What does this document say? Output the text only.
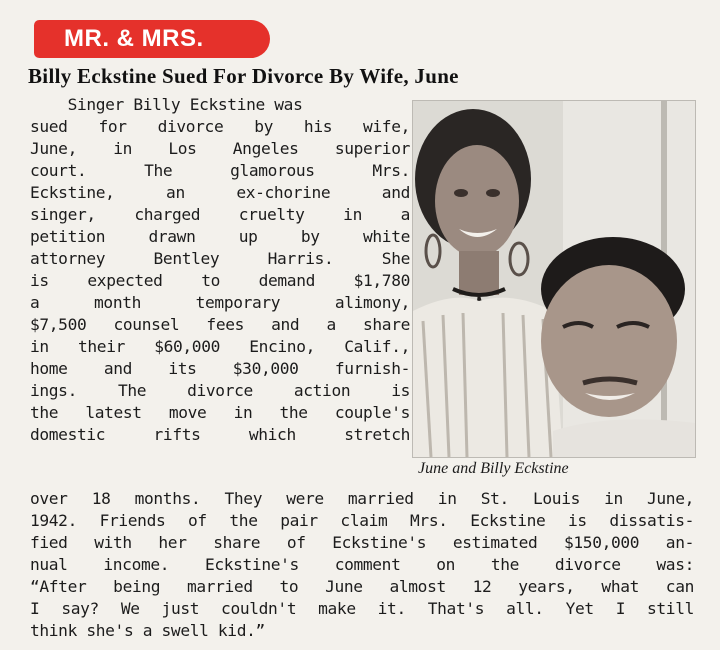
MR. & MRS.
Billy Eckstine Sued For Divorce By Wife, June
Singer Billy Eckstine was
sued for divorce by his wife,
June, in Los Angeles superior
court. The glamorous Mrs.
Eckstine, an ex-chorine and
singer, charged cruelty in a
petition drawn up by white
attorney Bentley Harris. She
is expected to demand $1,780
a month temporary alimony,
$7,500 counsel fees and a share
in their $60,000 Encino, Calif.,
home and its $30,000 furnish-
ings. The divorce action is
the latest move in the couple's
domestic rifts which stretch
June and Billy Eckstine
over 18 months. They were married in St. Louis in June,
1942. Friends of the pair claim Mrs. Eckstine is dissatis-
fied with her share of Eckstine's estimated $150,000 an-
nual income. Eckstine's comment on the divorce was:
“After being married to June almost 12 years, what can
I say? We just couldn't make it. That's all. Yet I still
think she's a swell kid.”
